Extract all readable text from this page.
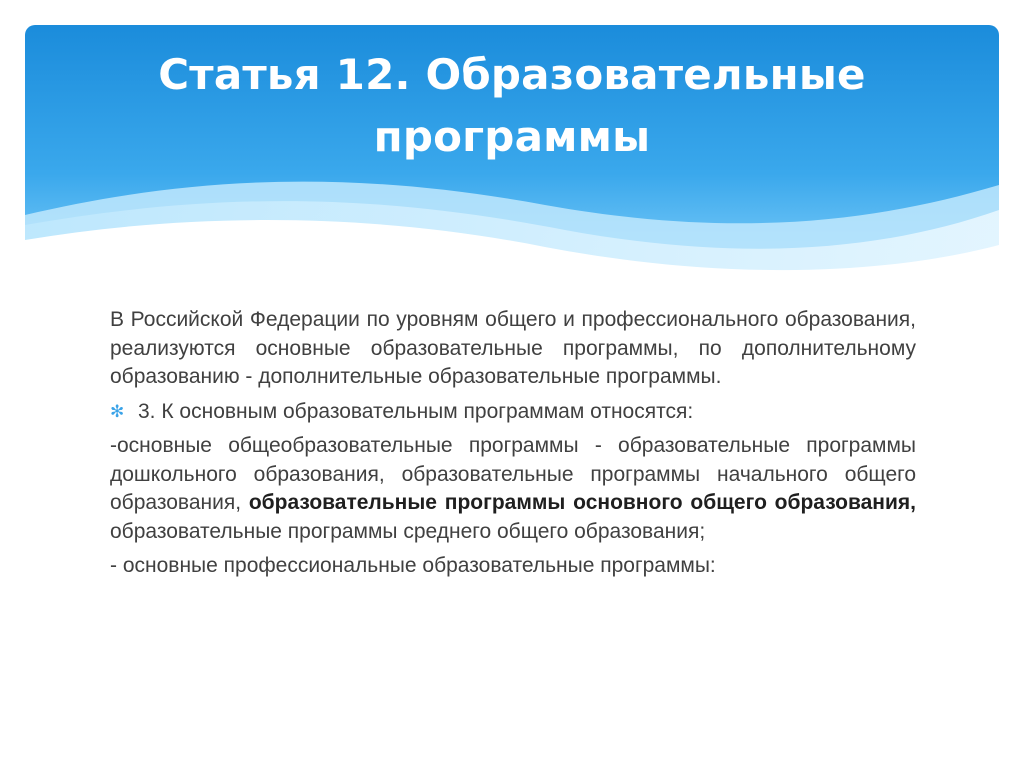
Статья 12. Образовательные
программы

В Российской Федерации по уровням общего и профессионального образования, реализуются основные образовательные программы, по дополнительному образованию - дополнительные образовательные программы.

✻ 3. К основным образовательным программам относятся:

-основные общеобразовательные программы - образовательные программы дошкольного образования, образовательные программы начального общего образования, образовательные программы основного общего образования, образовательные программы среднего общего образования;

- основные профессиональные образовательные программы:
